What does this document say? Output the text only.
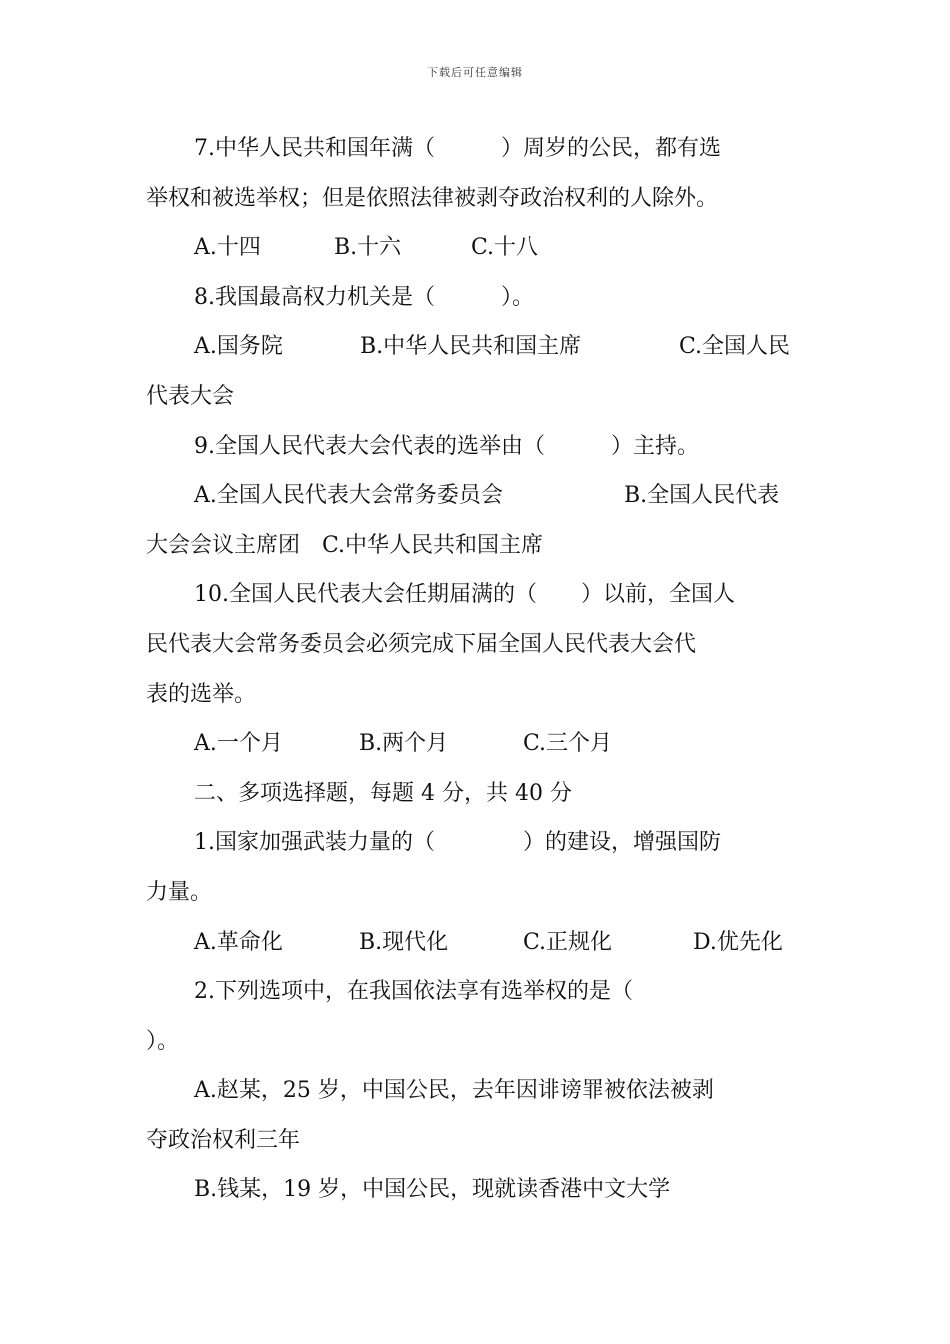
下载后可任意编辑
7.中华人民共和国年满（　　　）周岁的公民，都有选
举权和被选举权；但是依照法律被剥夺政治权利的人除外。
A.十四	B.十六	C.十八
8.我国最高权力机关是（　　　）。
A.国务院	B.中华人民共和国主席	C.全国人民
代表大会
9.全国人民代表大会代表的选举由（　　　）主持。
A.全国人民代表大会常务委员会	B.全国人民代表
大会会议主席团　C.中华人民共和国主席
10.全国人民代表大会任期届满的（　　）以前，全国人
民代表大会常务委员会必须完成下届全国人民代表大会代
表的选举。
A.一个月	B.两个月	C.三个月
二、多项选择题，每题 4 分，共 40 分
1.国家加强武装力量的（　　　　）的建设，增强国防
力量。
A.革命化	B.现代化	C.正规化	D.优先化
2.下列选项中，在我国依法享有选举权的是（
）。
A.赵某，25 岁，中国公民，去年因诽谤罪被依法被剥
夺政治权利三年
B.钱某，19 岁，中国公民，现就读香港中文大学
